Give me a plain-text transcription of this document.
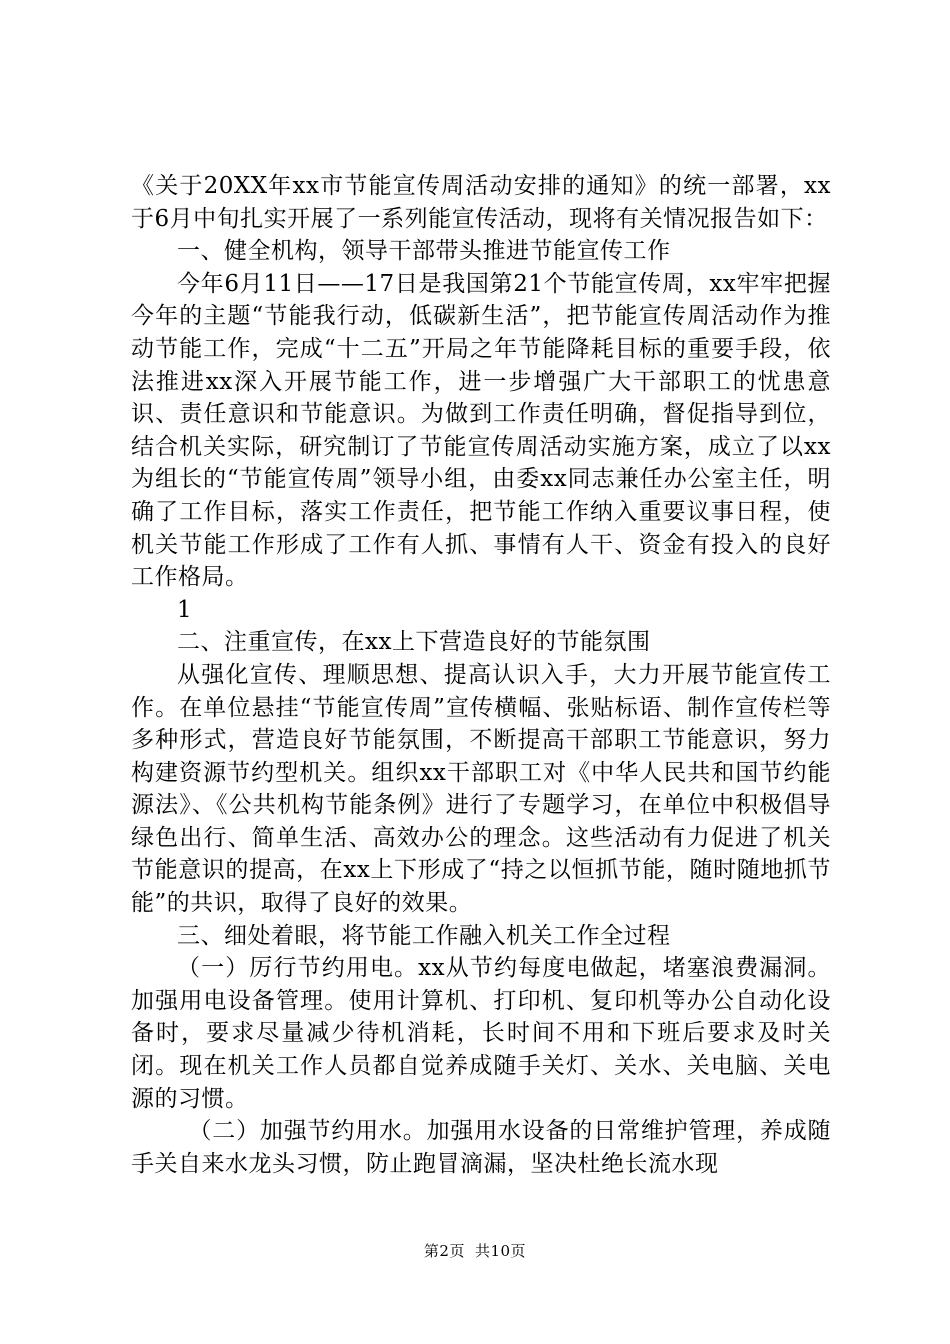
《关于20XX年xx市节能宣传周活动安排的通知》的统一部署，xx于6月中旬扎实开展了一系列能宣传活动，现将有关情况报告如下：

一、健全机构，领导干部带头推进节能宣传工作

今年6月11日——17日是我国第21个节能宣传周，xx牢牢把握今年的主题“节能我行动，低碳新生活”，把节能宣传周活动作为推动节能工作，完成“十二五”开局之年节能降耗目标的重要手段，依法推进xx深入开展节能工作，进一步增强广大干部职工的忧患意识、责任意识和节能意识。为做到工作责任明确，督促指导到位，结合机关实际，研究制订了节能宣传周活动实施方案，成立了以xx为组长的“节能宣传周”领导小组，由委xx同志兼任办公室主任，明确了工作目标，落实工作责任，把节能工作纳入重要议事日程，使机关节能工作形成了工作有人抓、事情有人干、资金有投入的良好工作格局。

1

二、注重宣传，在xx上下营造良好的节能氛围

从强化宣传、理顺思想、提高认识入手，大力开展节能宣传工作。在单位悬挂“节能宣传周”宣传横幅、张贴标语、制作宣传栏等多种形式，营造良好节能氛围，不断提高干部职工节能意识，努力构建资源节约型机关。组织xx干部职工对《中华人民共和国节约能源法》、《公共机构节能条例》进行了专题学习，在单位中积极倡导绿色出行、简单生活、高效办公的理念。这些活动有力促进了机关节能意识的提高，在xx上下形成了“持之以恒抓节能，随时随地抓节能”的共识，取得了良好的效果。

三、细处着眼，将节能工作融入机关工作全过程

（一）厉行节约用电。xx从节约每度电做起，堵塞浪费漏洞。加强用电设备管理。使用计算机、打印机、复印机等办公自动化设备时，要求尽量减少待机消耗，长时间不用和下班后要求及时关闭。现在机关工作人员都自觉养成随手关灯、关水、关电脑、关电源的习惯。

（二）加强节约用水。加强用水设备的日常维护管理，养成随手关自来水龙头习惯，防止跑冒滴漏，坚决杜绝长流水现

第2页 共10页
